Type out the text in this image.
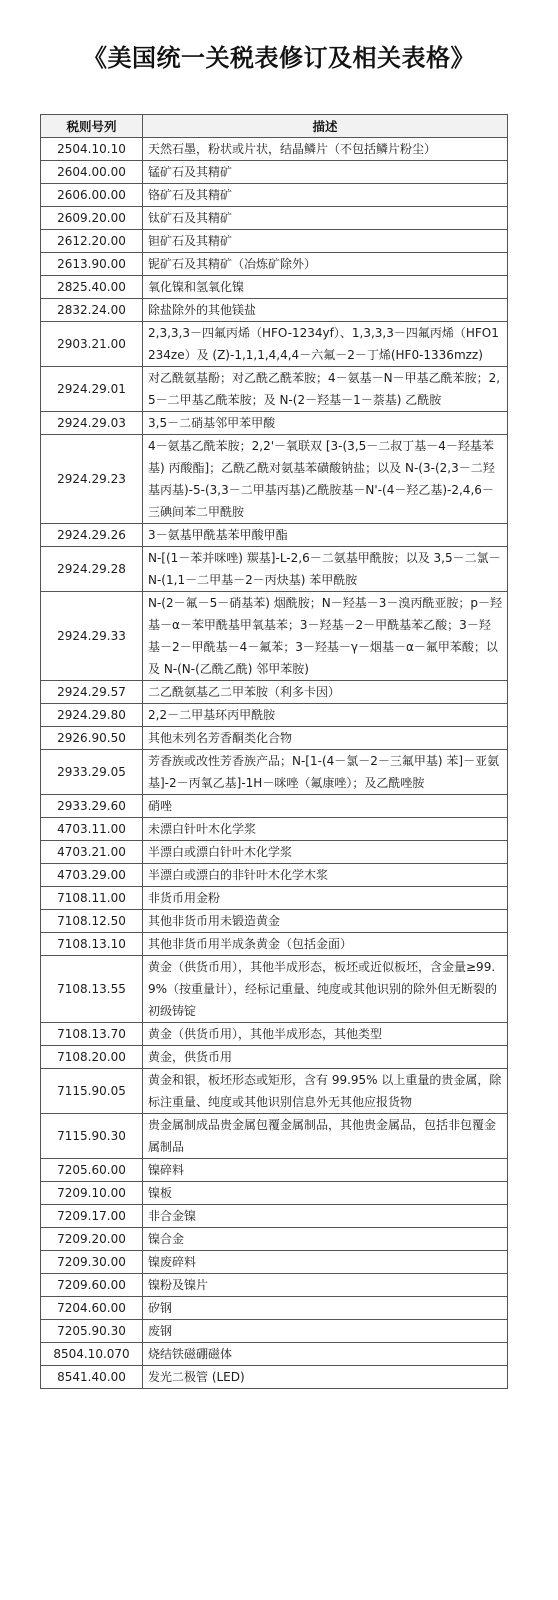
《美国统一关税表修订及相关表格》
税则号列	描述
2504.10.10	天然石墨，粉状或片状，结晶鳞片（不包括鳞片粉尘）
2604.00.00	锰矿石及其精矿
2606.00.00	铬矿石及其精矿
2609.20.00	钛矿石及其精矿
2612.20.00	钽矿石及其精矿
2613.90.00	铌矿石及其精矿（冶炼矿除外）
2825.40.00	氧化镍和氢氧化镍
2832.24.00	除盐除外的其他镁盐
2903.21.00	2,3,3,3－四氟丙烯（HFO-1234yf）、1,3,3,3－四氟丙烯（HFO1234ze）及 (Z)-1,1,1,4,4,4－六氟－2－丁烯(HF0-1336mzz)
2924.29.01	对乙酰氨基酚；对乙酰乙酰苯胺；4－氨基－N－甲基乙酰苯胺；2,5－二甲基乙酰苯胺；及 N-(2－羟基－1－萘基) 乙酰胺
2924.29.03	3,5－二硝基邻甲苯甲酸
2924.29.23	4－氨基乙酰苯胺；2,2'－氧联双 [3-(3,5－二叔丁基－4－羟基苯基) 丙酸酯]；乙酰乙酰对氨基苯磺酸钠盐；以及 N-(3-(2,3－二羟基丙基)-5-(3,3－二甲基丙基)乙酰胺基－N'-(4－羟乙基)-2,4,6－三碘间苯二甲酰胺
2924.29.26	3－氨基甲酰基苯甲酸甲酯
2924.29.28	N-[(1－苯并咪唑) 羰基]-L-2,6－二氨基甲酰胺；以及 3,5－二氯－N-(1,1－二甲基－2－丙炔基) 苯甲酰胺
2924.29.33	N-(2－氟－5－硝基苯) 烟酰胺；N－羟基－3－溴丙酰亚胺；p－羟基－α－苯甲酰基甲氧基苯；3－羟基－2－甲酰基苯乙酸；3－羟基－2－甲酰基－4－氟苯；3－羟基－γ－烟基－α－氟甲苯酸；以及 N-(N-(乙酰乙酰) 邻甲苯胺)
2924.29.57	二乙酰氨基乙二甲苯胺（利多卡因）
2924.29.80	2,2－二甲基环丙甲酰胺
2926.90.50	其他未列名芳香酮类化合物
2933.29.05	芳香族或改性芳香族产品；N-[1-(4－氯－2－三氟甲基) 苯]－亚氨基]-2－丙氧乙基]-1H－咪唑（氟康唑）；及乙酰唑胺
2933.29.60	硝唑
4703.11.00	未漂白针叶木化学浆
4703.21.00	半漂白或漂白针叶木化学浆
4703.29.00	半漂白或漂白的非针叶木化学木浆
7108.11.00	非货币用金粉
7108.12.50	其他非货币用未锻造黄金
7108.13.10	其他非货币用半成条黄金（包括金面）
7108.13.55	黄金（供货币用），其他半成形态，板坯或近似板坯，含金量≥99.9%（按重量计），经标记重量、纯度或其他识别的除外但无断裂的初级铸锭
7108.13.70	黄金（供货币用），其他半成形态，其他类型
7108.20.00	黄金，供货币用
7115.90.05	黄金和银，板坯形态或矩形，含有 99.95% 以上重量的贵金属，除标注重量、纯度或其他识别信息外无其他应报货物
7115.90.30	贵金属制成品贵金属包覆金属制品，其他贵金属品，包括非包覆金属制品
7205.60.00	镍碎料
7209.10.00	镍板
7209.17.00	非合金镍
7209.20.00	镍合金
7209.30.00	镍废碎料
7209.60.00	镍粉及镍片
7204.60.00	矽钢
7205.90.30	废钢
8504.10.070	烧结铁磁硼磁体
8541.40.00	发光二极管 (LED)
